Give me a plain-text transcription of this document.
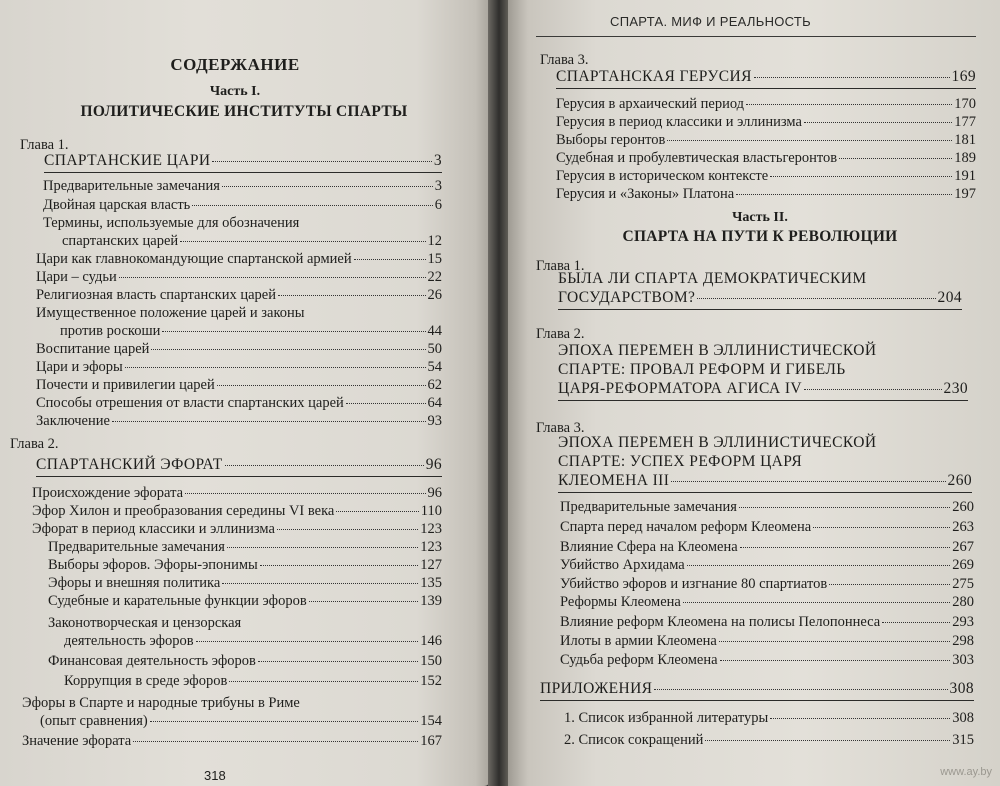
СОДЕРЖАНИЕ
Часть I.
ПОЛИТИЧЕСКИЕ ИНСТИТУТЫ СПАРТЫ
Глава 1.
СПАРТАНСКИЕ ЦАРИ	3
Предварительные замечания	3
Двойная царская власть	6
Термины, используемые для обозначения
спартанских царей	12
Цари как главнокомандующие спартанской армией	15
Цари – судьи	22
Религиозная власть спартанских царей	26
Имущественное положение царей и законы
против роскоши	44
Воспитание царей	50
Цари и эфоры	54
Почести и привилегии царей	62
Способы отрешения от власти спартанских царей	64
Заключение	93
Глава 2.
СПАРТАНСКИЙ ЭФОРАТ	96
Происхождение эфората	96
Эфор Хилон и преобразования середины VI века	110
Эфорат в период классики и эллинизма	123
Предварительные замечания	123
Выборы эфоров. Эфоры-эпонимы	127
Эфоры и внешняя политика	135
Судебные и карательные функции эфоров	139
Законотворческая и цензорская
деятельность эфоров	146
Финансовая деятельность эфоров	150
Коррупция в среде эфоров	152
Эфоры в Спарте и народные трибуны в Риме
(опыт сравнения)	154
Значение эфората	167
318
СПАРТА. МИФ И РЕАЛЬНОСТЬ
Глава 3.
СПАРТАНСКАЯ ГЕРУСИЯ	169
Герусия в архаический период	170
Герусия в период классики и эллинизма	177
Выборы геронтов	181
Судебная и пробулевтическая властьгеронтов	189
Герусия в историческом контексте	191
Герусия и «Законы» Платона	197
Часть II.
СПАРТА НА ПУТИ К РЕВОЛЮЦИИ
Глава 1.
БЫЛА ЛИ СПАРТА ДЕМОКРАТИЧЕСКИМ
ГОСУДАРСТВОМ?	204
Глава 2.
ЭПОХА ПЕРЕМЕН В ЭЛЛИНИСТИЧЕСКОЙ
СПАРТЕ: ПРОВАЛ РЕФОРМ И ГИБЕЛЬ
ЦАРЯ-РЕФОРМАТОРА АГИСА IV	230
Глава 3.
ЭПОХА ПЕРЕМЕН В ЭЛЛИНИСТИЧЕСКОЙ
СПАРТЕ: УСПЕХ РЕФОРМ ЦАРЯ
КЛЕОМЕНА III	260
Предварительные замечания	260
Спарта перед началом реформ Клеомена	263
Влияние Сфера на Клеомена	267
Убийство Архидама	269
Убийство эфоров и изгнание 80 спартиатов	275
Реформы Клеомена	280
Влияние реформ Клеомена на полисы Пелопоннеса	293
Илоты в армии Клеомена	298
Судьба реформ Клеомена	303
ПРИЛОЖЕНИЯ	308
1. Список избранной литературы	308
2. Список сокращений	315
www.ay.by
